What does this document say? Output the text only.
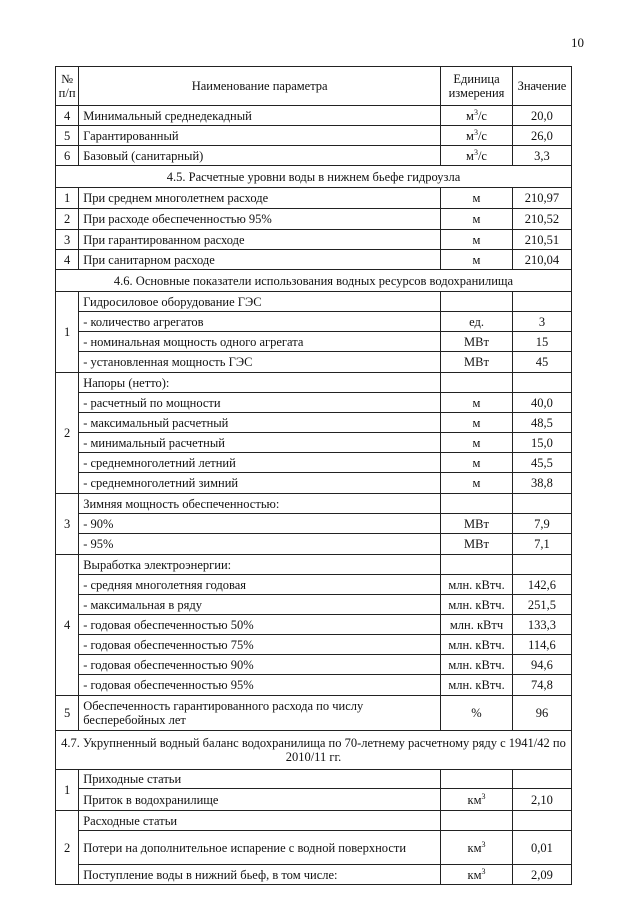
10
№ п/п	Наименование параметра	Единица измерения	Значение
4	Минимальный среднедекадный	$м^3/с$	20,0
5	Гарантированный	$м^3/с$	26,0
6	Базовый (санитарный)	$м^3/с$	3,3
4.5. Расчетные уровни воды в нижнем бьефе гидроузла			
1	При среднем многолетнем расходе	м	210,97
2	При расходе обеспеченностью 95%	м	210,52
3	При гарантированном расходе	м	210,51
4	При санитарном расходе	м	210,04
4.6. Основные показатели использования водных ресурсов водохранилища			
1	Гидросиловое оборудование ГЭС		
	- количество агрегатов	ед.	3
	- номинальная мощность одного агрегата	МВт	15
	- установленная мощность ГЭС	МВт	45
2	Напоры (нетто):		
	- расчетный по мощности	м	40,0
	- максимальный расчетный	м	48,5
	- минимальный расчетный	м	15,0
	- среднемноголетний летний	м	45,5
	- среднемноголетний зимний	м	38,8
3	Зимняя мощность обеспеченностью:		
	- 90%	МВт	7,9
	- 95%	МВт	7,1
4	Выработка электроэнергии:		
	- средняя многолетняя годовая	млн. кВтч.	142,6
	- максимальная в ряду	млн. кВтч.	251,5
	- годовая обеспеченностью 50%	млн. кВтч	133,3
	- годовая обеспеченностью 75%	млн. кВтч.	114,6
	- годовая обеспеченностью 90%	млн. кВтч.	94,6
	- годовая обеспеченностью 95%	млн. кВтч.	74,8
5	Обеспеченность гарантированного расхода по числу бесперебойных лет	%	96
4.7. Укрупненный водный баланс водохранилища по 70-летнему расчетному ряду с 1941/42 по 2010/11 гг.			
1	Приходные статьи		
	Приток в водохранилище	$км^3$	2,10
2	Расходные статьи		
	Потери на дополнительное испарение с водной поверхности	$км^3$	0,01
	Поступление воды в нижний бьеф, в том числе:	$км^3$	2,09
